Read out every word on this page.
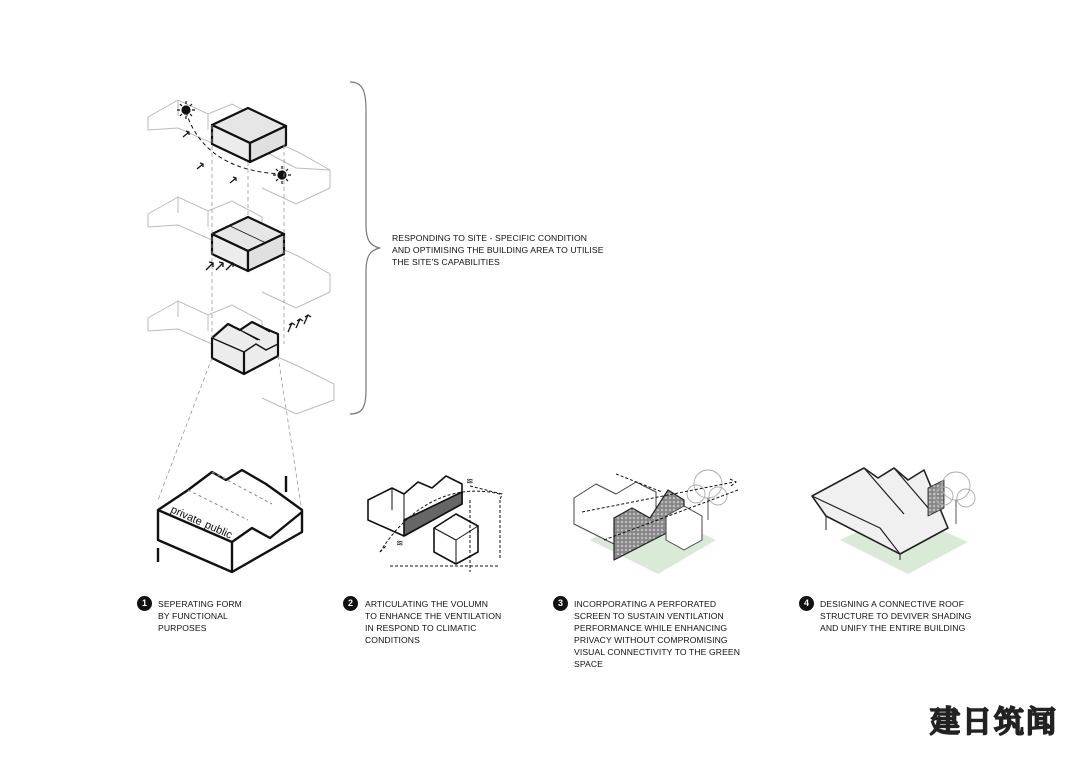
private
public
≋
≋
RESPONDING TO SITE - SPECIFIC CONDITION
AND OPTIMISING THE BUILDING AREA TO UTILISE
THE SITE'S CAPABILITIES
1	SEPERATING FORM
BY FUNCTIONAL
PURPOSES
2	ARTICULATING THE VOLUMN
TO ENHANCE THE VENTILATION
IN RESPOND TO CLIMATIC
CONDITIONS
3	INCORPORATING A PERFORATED
SCREEN TO SUSTAIN VENTILATION
PERFORMANCE WHILE ENHANCING
PRIVACY WITHOUT COMPROMISING
VISUAL CONNECTIVITY TO THE GREEN
SPACE
4	DESIGNING A CONNECTIVE ROOF
STRUCTURE TO DEVIVER SHADING
AND UNIFY THE ENTIRE BUILDING
建日筑闻
